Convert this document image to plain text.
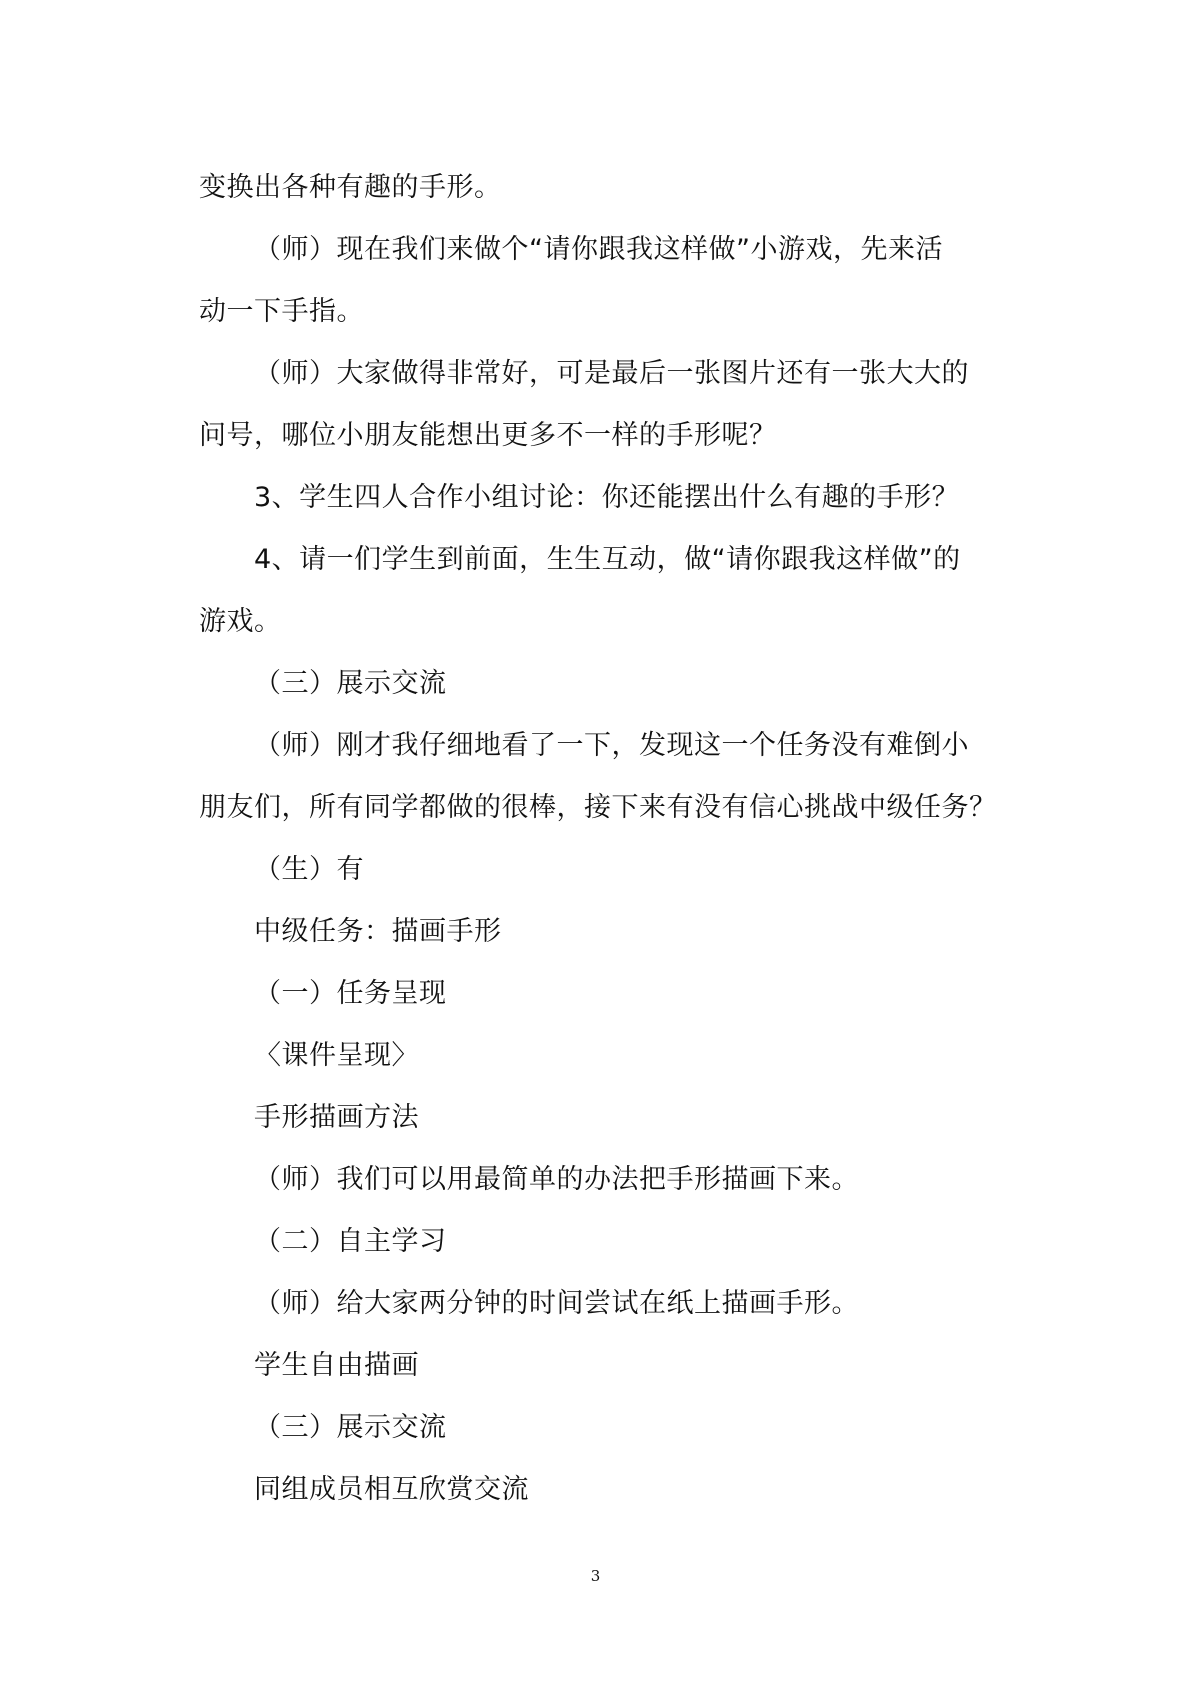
变换出各种有趣的手形。
（师）现在我们来做个“请你跟我这样做”小游戏，先来活
动一下手指。
（师）大家做得非常好，可是最后一张图片还有一张大大的
问号，哪位小朋友能想出更多不一样的手形呢？
3、学生四人合作小组讨论：你还能摆出什么有趣的手形？
4、请一们学生到前面，生生互动，做“请你跟我这样做”的
游戏。
（三）展示交流
（师）刚才我仔细地看了一下，发现这一个任务没有难倒小
朋友们，所有同学都做的很棒，接下来有没有信心挑战中级任务？
（生）有
中级任务：描画手形
（一）任务呈现
〈课件呈现〉
手形描画方法
（师）我们可以用最简单的办法把手形描画下来。
（二）自主学习
（师）给大家两分钟的时间尝试在纸上描画手形。
学生自由描画
（三）展示交流
同组成员相互欣赏交流
3
